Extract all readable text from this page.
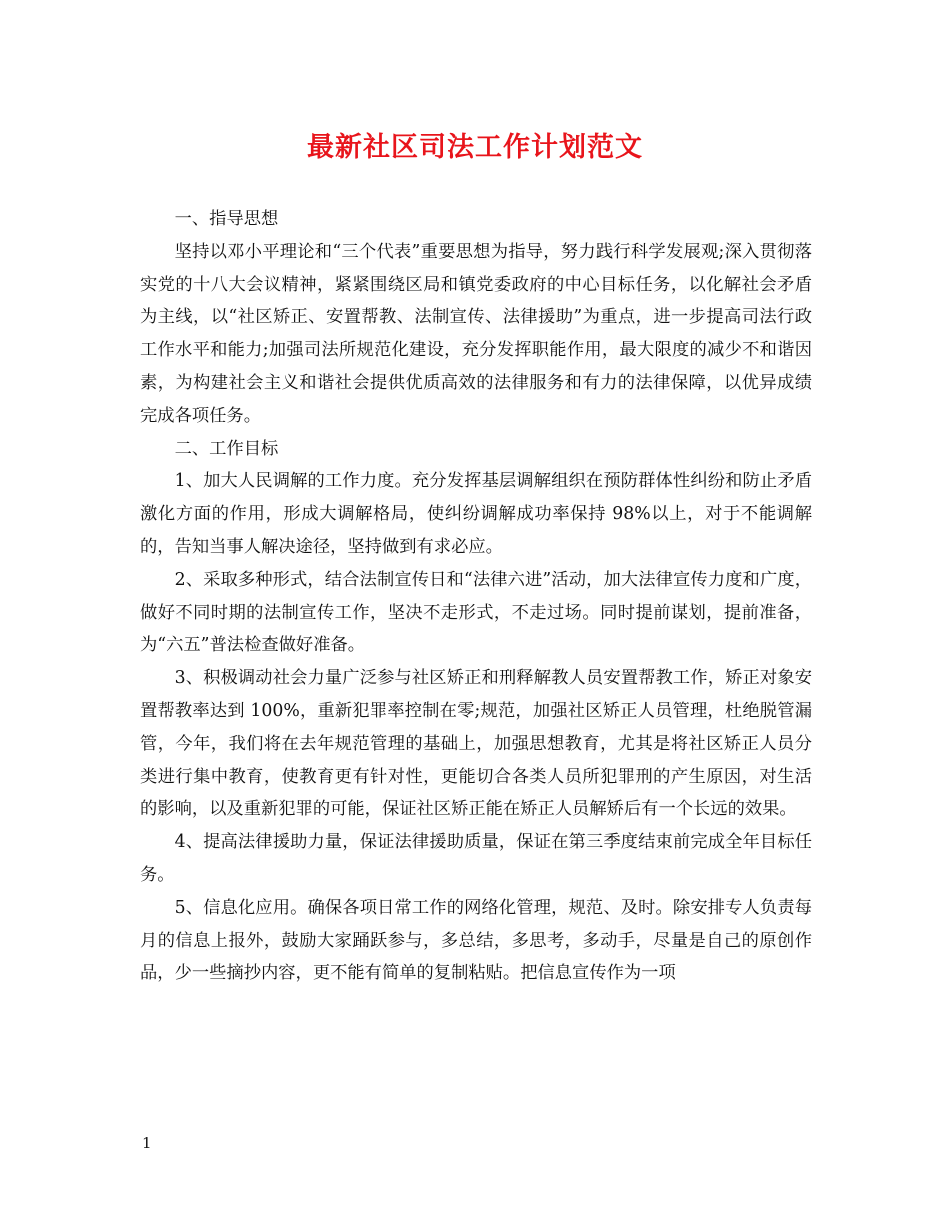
最新社区司法工作计划范文

一、指导思想

坚持以邓小平理论和“三个代表”重要思想为指导，努力践行科学发展观;深入贯彻落实党的十八大会议精神，紧紧围绕区局和镇党委政府的中心目标任务，以化解社会矛盾为主线，以“社区矫正、安置帮教、法制宣传、法律援助”为重点，进一步提高司法行政工作水平和能力;加强司法所规范化建设，充分发挥职能作用，最大限度的减少不和谐因素，为构建社会主义和谐社会提供优质高效的法律服务和有力的法律保障，以优异成绩完成各项任务。

二、工作目标

1、加大人民调解的工作力度。充分发挥基层调解组织在预防群体性纠纷和防止矛盾激化方面的作用，形成大调解格局，使纠纷调解成功率保持 98%以上，对于不能调解的，告知当事人解决途径，坚持做到有求必应。

2、采取多种形式，结合法制宣传日和“法律六进”活动，加大法律宣传力度和广度，做好不同时期的法制宣传工作，坚决不走形式，不走过场。同时提前谋划，提前准备，为“六五”普法检查做好准备。

3、积极调动社会力量广泛参与社区矫正和刑释解教人员安置帮教工作，矫正对象安置帮教率达到 100%，重新犯罪率控制在零;规范，加强社区矫正人员管理，杜绝脱管漏管，今年，我们将在去年规范管理的基础上，加强思想教育，尤其是将社区矫正人员分类进行集中教育，使教育更有针对性，更能切合各类人员所犯罪刑的产生原因，对生活的影响，以及重新犯罪的可能，保证社区矫正能在矫正人员解矫后有一个长远的效果。

4、提高法律援助力量，保证法律援助质量，保证在第三季度结束前完成全年目标任务。

5、信息化应用。确保各项日常工作的网络化管理，规范、及时。除安排专人负责每月的信息上报外，鼓励大家踊跃参与，多总结，多思考，多动手，尽量是自己的原创作品，少一些摘抄内容，更不能有简单的复制粘贴。把信息宣传作为一项

1
